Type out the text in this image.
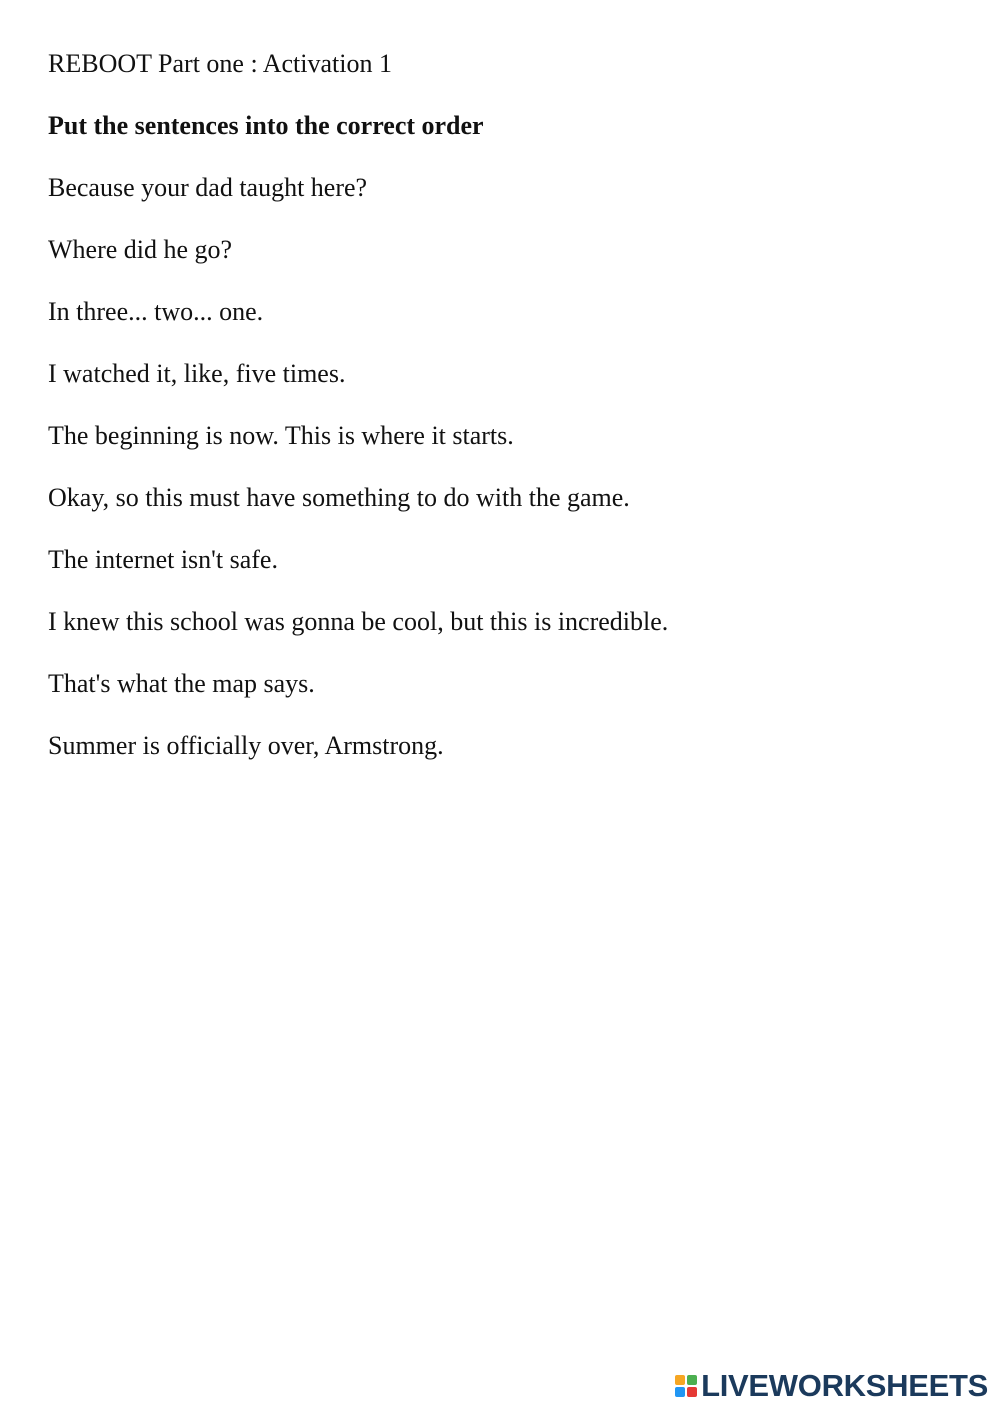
REBOOT Part one : Activation 1

Put the sentences into the correct order

Because your dad taught here?
Where did he go?
In three... two... one.
I watched it, like, five times.
The beginning is now. This is where it starts.
Okay, so this must have something to do with the game.
The internet isn't safe.
I knew this school was gonna be cool, but this is incredible.
That's what the map says.
Summer is officially over, Armstrong.
LIVEWORKSHEETS
